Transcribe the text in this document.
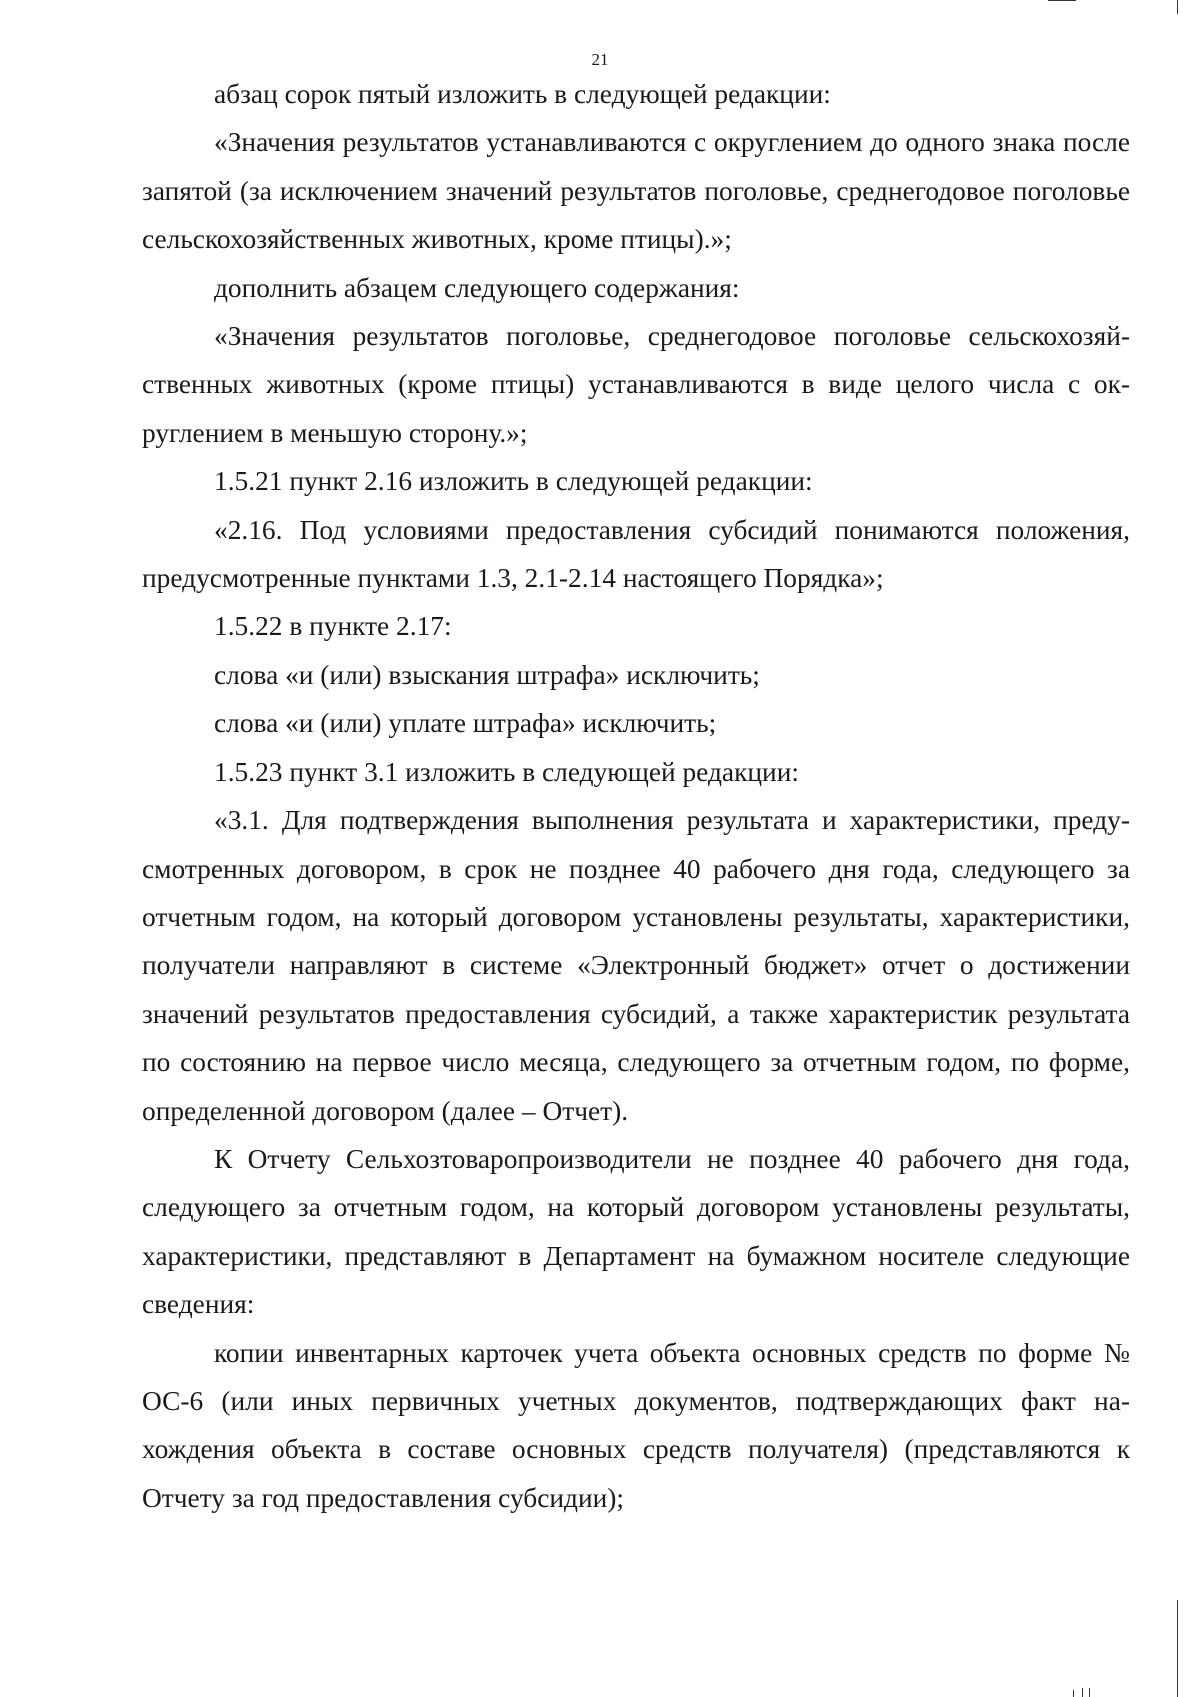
21

абзац сорок пятый изложить в следующей редакции:

«Значения результатов устанавливаются с округлением до одного знака после запятой (за исключением значений результатов поголовье, среднегодовое поголовье сельскохозяйственных животных, кроме птицы).»;

дополнить абзацем следующего содержания:

«Значения результатов поголовье, среднегодовое поголовье сельскохозяйственных животных (кроме птицы) устанавливаются в виде целого числа с округлением в меньшую сторону.»;

1.5.21 пункт 2.16 изложить в следующей редакции:

«2.16. Под условиями предоставления субсидий понимаются положения, предусмотренные пунктами 1.3, 2.1-2.14 настоящего Порядка»;

1.5.22 в пункте 2.17:

слова «и (или) взыскания штрафа» исключить;

слова «и (или) уплате штрафа» исключить;

1.5.23 пункт 3.1 изложить в следующей редакции:

«3.1. Для подтверждения выполнения результата и характеристики, предусмотренных договором, в срок не позднее 40 рабочего дня года, следующего за отчетным годом, на который договором установлены результаты, характеристики, получатели направляют в системе «Электронный бюджет» отчет о достижении значений результатов предоставления субсидий, а также характеристик результата по состоянию на первое число месяца, следующего за отчетным годом, по форме, определенной договором (далее – Отчет).

К Отчету Сельхозтоваропроизводители не позднее 40 рабочего дня года, следующего за отчетным годом, на который договором установлены результаты, характеристики, представляют в Департамент на бумажном носителе следующие сведения:

копии инвентарных карточек учета объекта основных средств по форме № ОС-6 (или иных первичных учетных документов, подтверждающих факт нахождения объекта в составе основных средств получателя) (представляются к Отчету за год предоставления субсидии);
